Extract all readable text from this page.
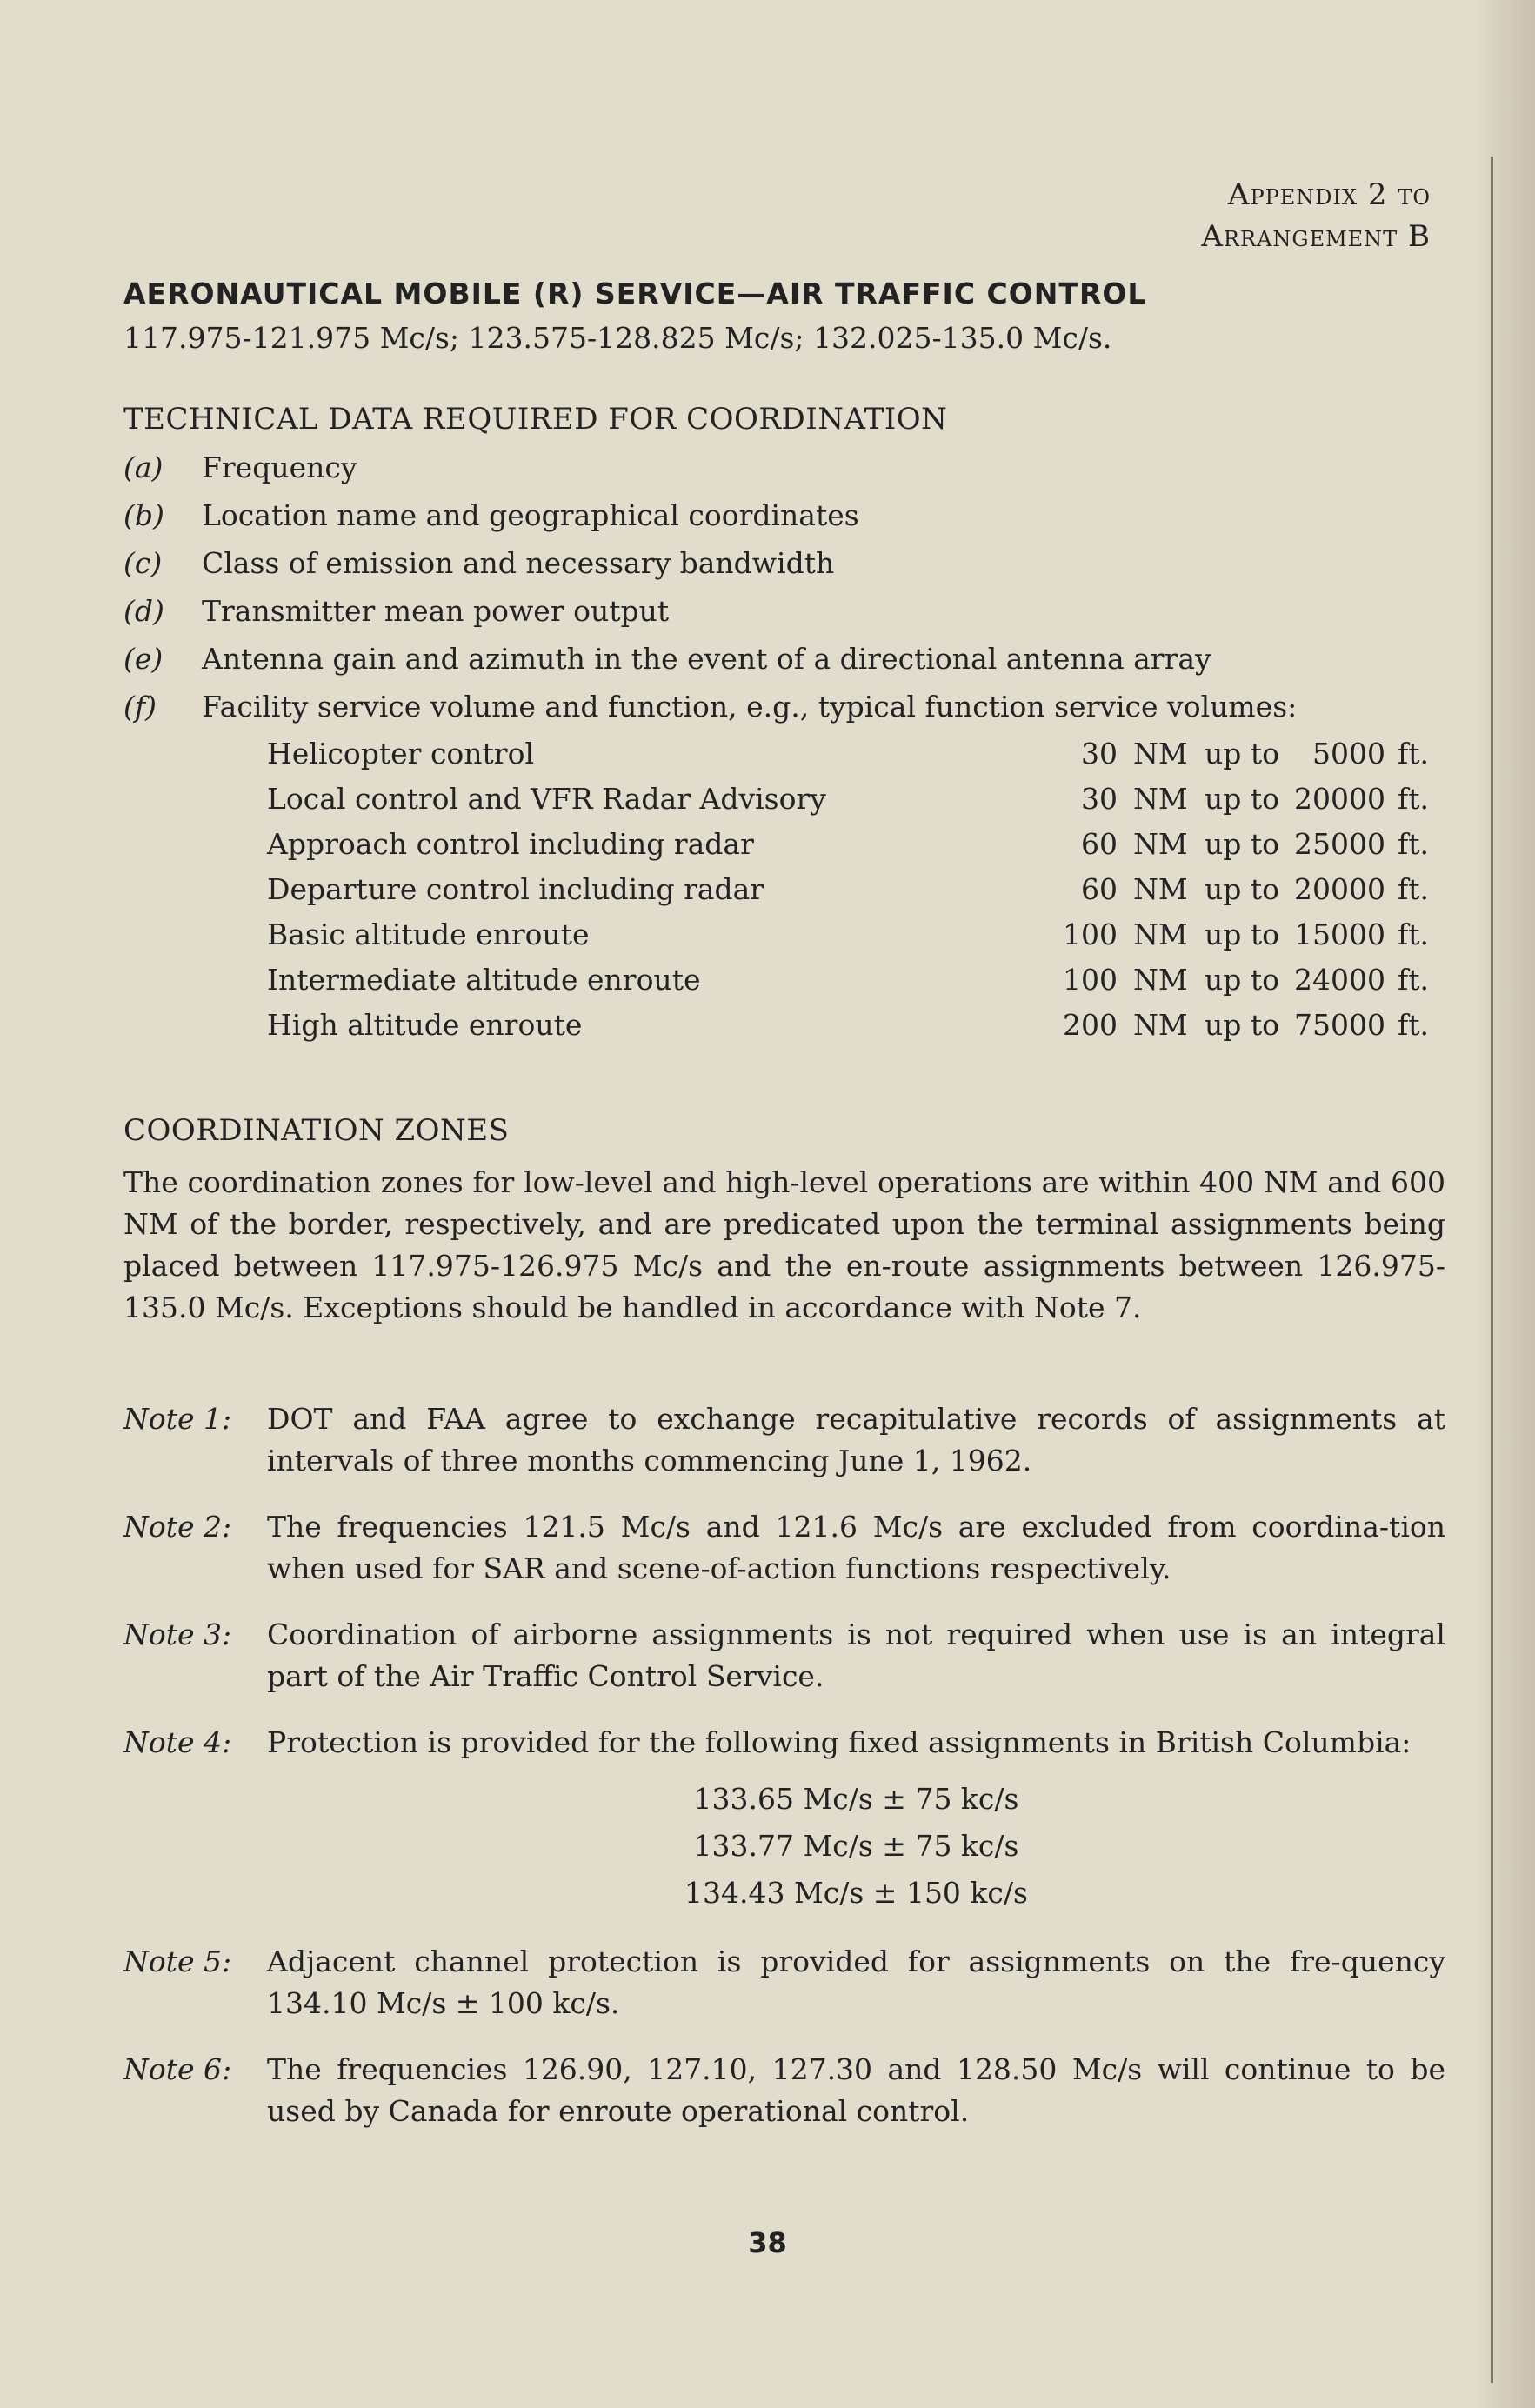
Appendix 2 to
Arrangement B
AERONAUTICAL MOBILE (R) SERVICE—AIR TRAFFIC CONTROL
117.975-121.975 Mc/s; 123.575-128.825 Mc/s; 132.025-135.0 Mc/s.
TECHNICAL DATA REQUIRED FOR COORDINATION
(a)	Frequency
(b)	Location name and geographical coordinates
(c)	Class of emission and necessary bandwidth
(d)	Transmitter mean power output
(e)	Antenna gain and azimuth in the event of a directional antenna array
(f)	Facility service volume and function, e.g., typical function service volumes:
Helicopter control	30	NM	up to	5000	ft.
Local control and VFR Radar Advisory	30	NM	up to	20000	ft.
Approach control including radar	60	NM	up to	25000	ft.
Departure control including radar	60	NM	up to	20000	ft.
Basic altitude enroute	100	NM	up to	15000	ft.
Intermediate altitude enroute	100	NM	up to	24000	ft.
High altitude enroute	200	NM	up to	75000	ft.
COORDINATION ZONES
The coordination zones for low-level and high-level operations are within 400 NM and 600 NM of the border, respectively, and are predicated upon the terminal assignments being placed between 117.975-126.975 Mc/s and the en-route assignments between 126.975-135.0 Mc/s. Exceptions should be handled in accordance with Note 7.
Note 1:	DOT and FAA agree to exchange recapitulative records of assignments at intervals of three months commencing June 1, 1962.
Note 2:	The frequencies 121.5 Mc/s and 121.6 Mc/s are excluded from coordina-tion when used for SAR and scene-of-action functions respectively.
Note 3:	Coordination of airborne assignments is not required when use is an integral part of the Air Traffic Control Service.
Note 4:	Protection is provided for the following fixed assignments in British Columbia:
133.65 Mc/s ± 75 kc/s
133.77 Mc/s ± 75 kc/s
134.43 Mc/s ± 150 kc/s
Note 5:	Adjacent channel protection is provided for assignments on the fre-quency 134.10 Mc/s ± 100 kc/s.
Note 6:	The frequencies 126.90, 127.10, 127.30 and 128.50 Mc/s will continue to be used by Canada for enroute operational control.
38
